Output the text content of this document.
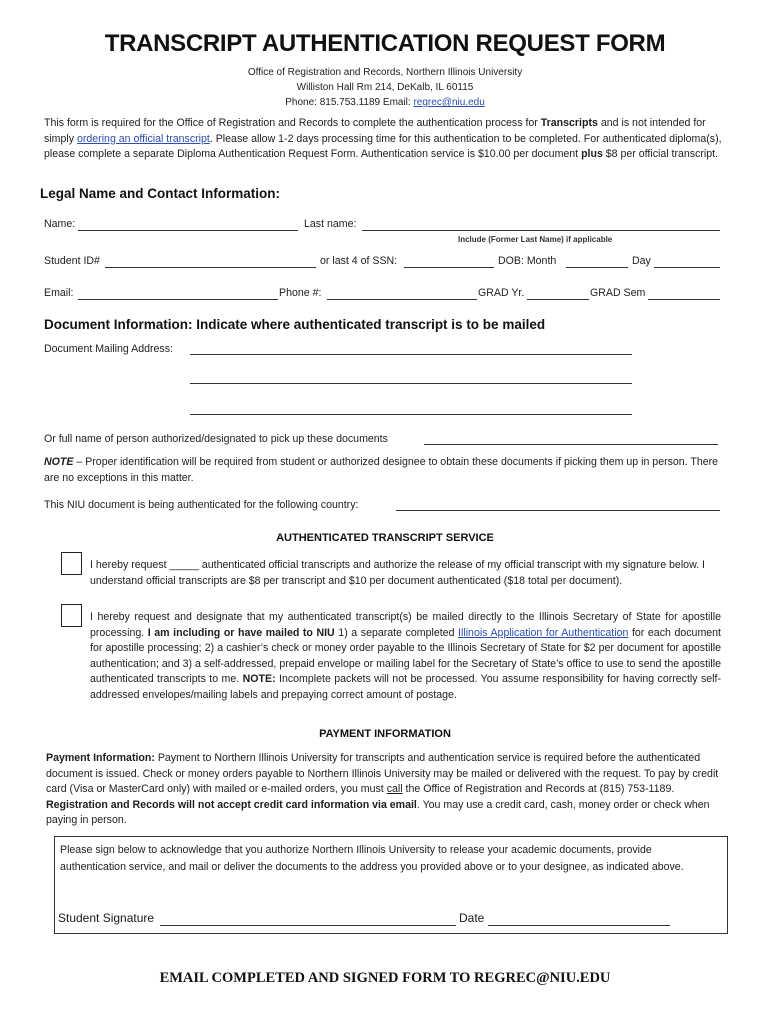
TRANSCRIPT AUTHENTICATION REQUEST FORM
Office of Registration and Records, Northern Illinois University
Williston Hall Rm 214, DeKalb, IL 60115
Phone: 815.753.1189 Email: regrec@niu.edu
This form is required for the Office of Registration and Records to complete the authentication process for Transcripts and is not intended for simply ordering an official transcript. Please allow 1-2 days processing time for this authentication to be completed. For authenticated diploma(s), please complete a separate Diploma Authentication Request Form. Authentication service is $10.00 per document plus $8 per official transcript.
Legal Name and Contact Information:
Name:	Last name:
Include (Former Last Name) if applicable
Student ID#	or last 4 of SSN:	DOB: Month	Day
Email:	Phone #:	GRAD Yr.	GRAD Sem
Document Information: Indicate where authenticated transcript is to be mailed
Document Mailing Address:
Or full name of person authorized/designated to pick up these documents
NOTE – Proper identification will be required from student or authorized designee to obtain these documents if picking them up in person. There are no exceptions in this matter.
This NIU document is being authenticated for the following country:
AUTHENTICATED TRANSCRIPT SERVICE
I hereby request _____ authenticated official transcripts and authorize the release of my official transcript with my signature below. I understand official transcripts are $8 per transcript and $10 per document authenticated ($18 total per document).
I hereby request and designate that my authenticated transcript(s) be mailed directly to the Illinois Secretary of State for apostille processing. I am including or have mailed to NIU 1) a separate completed Illinois Application for Authentication for each document for apostille processing; 2) a cashier’s check or money order payable to the Illinois Secretary of State for $2 per document for apostille authentication; and 3) a self-addressed, prepaid envelope or mailing label for the Secretary of State’s office to use to send the apostille authenticated transcripts to me. NOTE: Incomplete packets will not be processed. You assume responsibility for having correctly self-addressed envelopes/mailing labels and prepaying correct amount of postage.
PAYMENT INFORMATION
Payment Information: Payment to Northern Illinois University for transcripts and authentication service is required before the authenticated document is issued. Check or money orders payable to Northern Illinois University may be mailed or delivered with the request. To pay by credit card (Visa or MasterCard only) with mailed or e-mailed orders, you must call the Office of Registration and Records at (815) 753-1189. Registration and Records will not accept credit card information via email. You may use a credit card, cash, money order or check when paying in person.
Please sign below to acknowledge that you authorize Northern Illinois University to release your academic documents, provide authentication service, and mail or deliver the documents to the address you provided above or to your designee, as indicated above.
Student Signature	Date
EMAIL COMPLETED AND SIGNED FORM TO REGREC@NIU.EDU
